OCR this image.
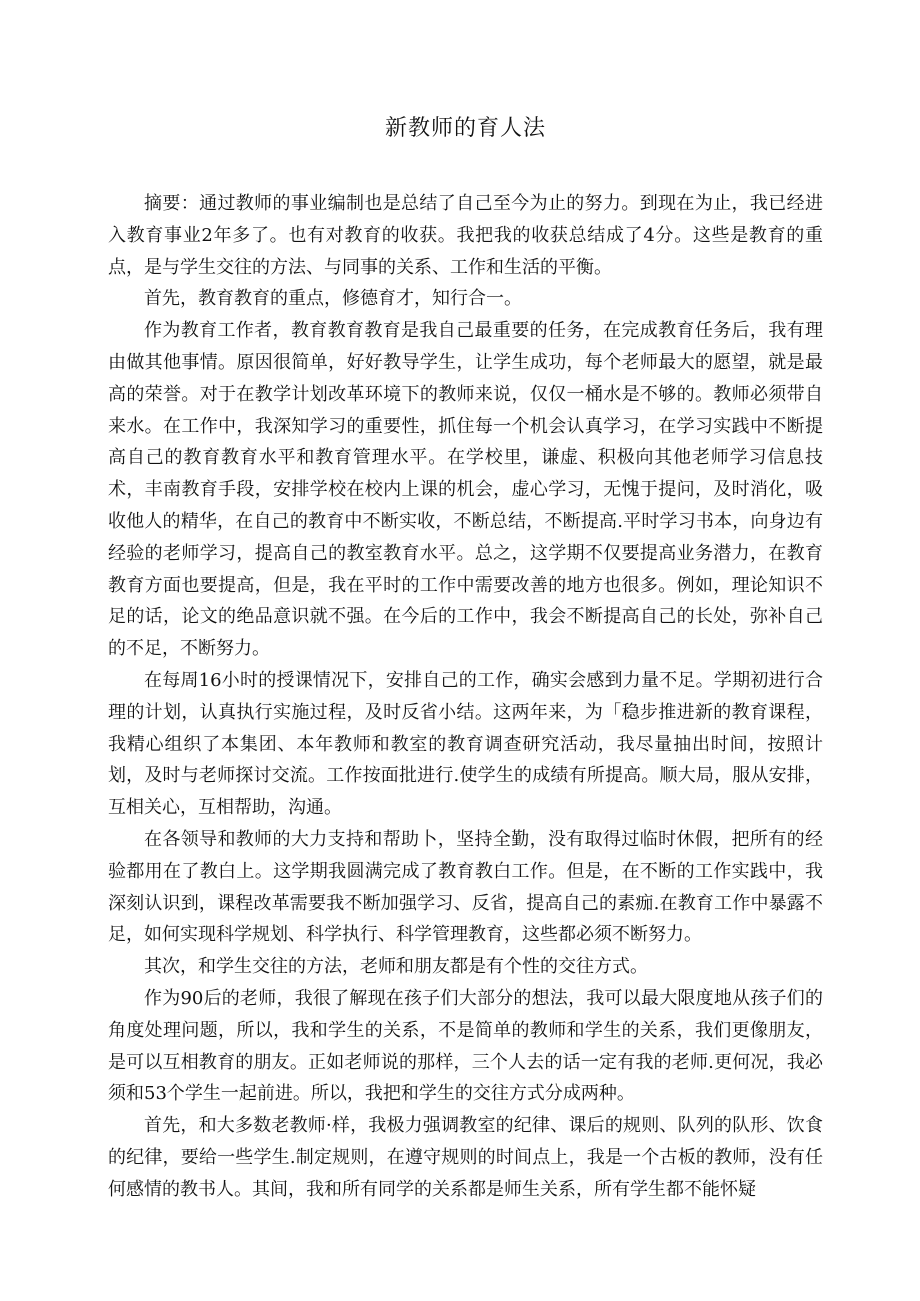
新教师的育人法

摘要：通过教师的事业编制也是总结了自己至今为止的努力。到现在为止，我已经进入教育事业2年多了。也有对教育的收获。我把我的收获总结成了4分。这些是教育的重点，是与学生交往的方法、与同事的关系、工作和生活的平衡。

首先，教育教育的重点，修德育才，知行合一。

作为教育工作者，教育教育教育是我自己最重要的任务，在完成教育任务后，我有理由做其他事情。原因很简单，好好教导学生，让学生成功，每个老师最大的愿望，就是最高的荣誉。对于在教学计划改革环境下的教师来说，仅仅一桶水是不够的。教师必须带自来水。在工作中，我深知学习的重要性，抓住每一个机会认真学习，在学习实践中不断提高自己的教育教育水平和教育管理水平。在学校里，谦虚、积极向其他老师学习信息技术，丰南教育手段，安排学校在校内上课的机会，虚心学习，无愧于提问，及时消化，吸收他人的精华，在自己的教育中不断实收，不断总结，不断提高.平时学习书本，向身边有经验的老师学习，提高自己的教室教育水平。总之，这学期不仅要提高业务潜力，在教育教育方面也要提高，但是，我在平时的工作中需要改善的地方也很多。例如，理论知识不足的话，论文的绝品意识就不强。在今后的工作中，我会不断提高自己的长处，弥补自己的不足，不断努力。

在每周16小时的授课情况下，安排自己的工作，确实会感到力量不足。学期初进行合理的计划，认真执行实施过程，及时反省小结。这两年来，为「稳步推进新的教育课程，我精心组织了本集团、本年教师和教室的教育调查研究活动，我尽量抽出时间，按照计划，及时与老师探讨交流。工作按面批进行.使学生的成绩有所提高。顺大局，服从安排，互相关心，互相帮助，沟通。

在各领导和教师的大力支持和帮助卜，坚持全勤，没有取得过临时休假，把所有的经验都用在了教白上。这学期我圆满完成了教育教白工作。但是，在不断的工作实践中，我深刻认识到，课程改革需要我不断加强学习、反省，提高自己的素痂.在教育工作中暴露不足，如何实现科学规划、科学执行、科学管理教育，这些都必须不断努力。

其次，和学生交往的方法，老师和朋友都是有个性的交往方式。

作为90后的老师，我很了解现在孩子们大部分的想法，我可以最大限度地从孩子们的角度处理问题，所以，我和学生的关系，不是简单的教师和学生的关系，我们更像朋友，是可以互相教育的朋友。正如老师说的那样，三个人去的话一定有我的老师.更何况，我必须和53个学生一起前进。所以，我把和学生的交往方式分成两种。

首先，和大多数老教师·样，我极力强调教室的纪律、课后的规则、队列的队形、饮食的纪律，要给一些学生.制定规则，在遵守规则的时间点上，我是一个古板的教师，没有任何感情的教书人。其间，我和所有同学的关系都是师生关系，所有学生都不能怀疑
